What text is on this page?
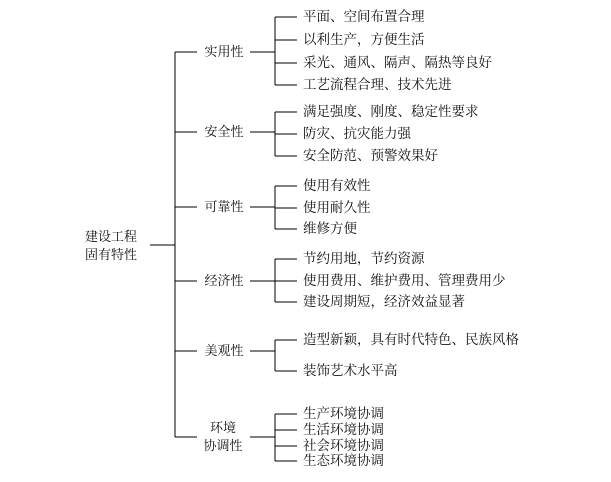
建设工程
固有特性
实用性
平面、空间布置合理
以利生产，方便生活
采光、通风、隔声、隔热等良好
工艺流程合理、技术先进
安全性
满足强度、刚度、稳定性要求
防灾、抗灾能力强
安全防范、预警效果好
可靠性
使用有效性
使用耐久性
维修方便
经济性
节约用地，节约资源
使用费用、维护费用、管理费用少
建设周期短，经济效益显著
美观性
造型新颖，具有时代特色、民族风格
装饰艺术水平高
环境
协调性
生产环境协调
生活环境协调
社会环境协调
生态环境协调
